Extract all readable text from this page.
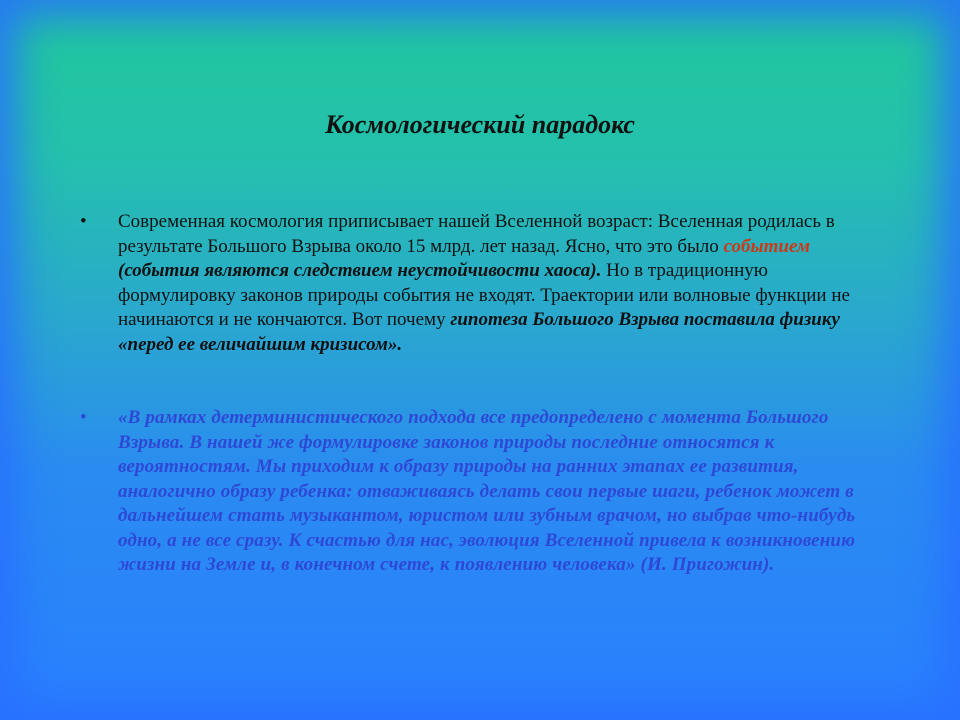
Космологический парадокс
•	Современная космология приписывает нашей Вселенной возраст: Вселенная родилась в результате Большого Взрыва около 15 млрд. лет назад. Ясно, что это было событием (события являются следствием неустойчивости хаоса). Но в традиционную формулировку законов природы события не входят. Траектории или волновые функции не начинаются и не кончаются. Вот почему гипотеза Большого Взрыва поставила физику «перед ее величайшим кризисом».
•	«В рамках детерминистического подхода все предопределено с момента Большого Взрыва. В нашей же формулировке законов природы последние относятся к вероятностям. Мы приходим к образу природы на ранних этапах ее развития, аналогично образу ребенка: отваживаясь делать свои первые шаги, ребенок может в дальнейшем стать музыкантом, юристом или зубным врачом, но выбрав что-нибудь одно, а не все сразу. К счастью для нас, эволюция Вселенной привела к возникновению жизни на Земле и, в конечном счете, к появлению человека» (И. Пригожин).
